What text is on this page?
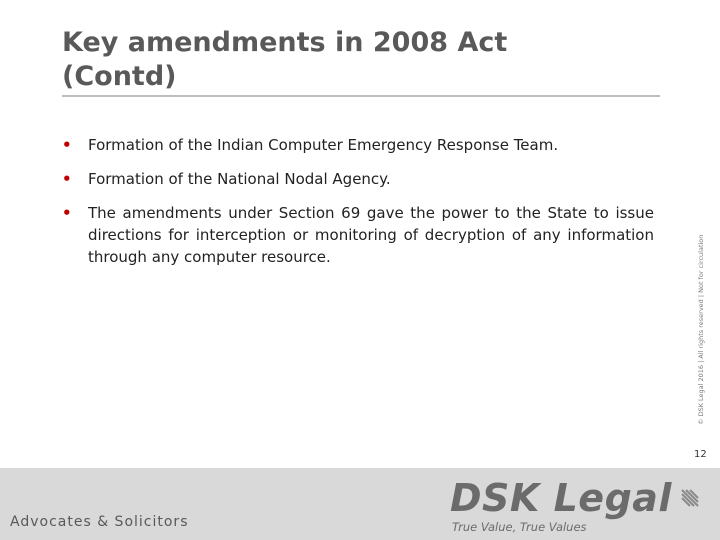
Key amendments in 2008 Act
(Contd)
• Formation of the Indian Computer Emergency Response Team.
• Formation of the National Nodal Agency.
• The amendments under Section 69 gave the power to the State to issue directions for interception or monitoring of decryption of any information through any computer resource.	© DSK Legal 2016 | All rights reserved | Not for circulation
12
Advocates & Solicitors
DSK Legal
True Value, True Values
